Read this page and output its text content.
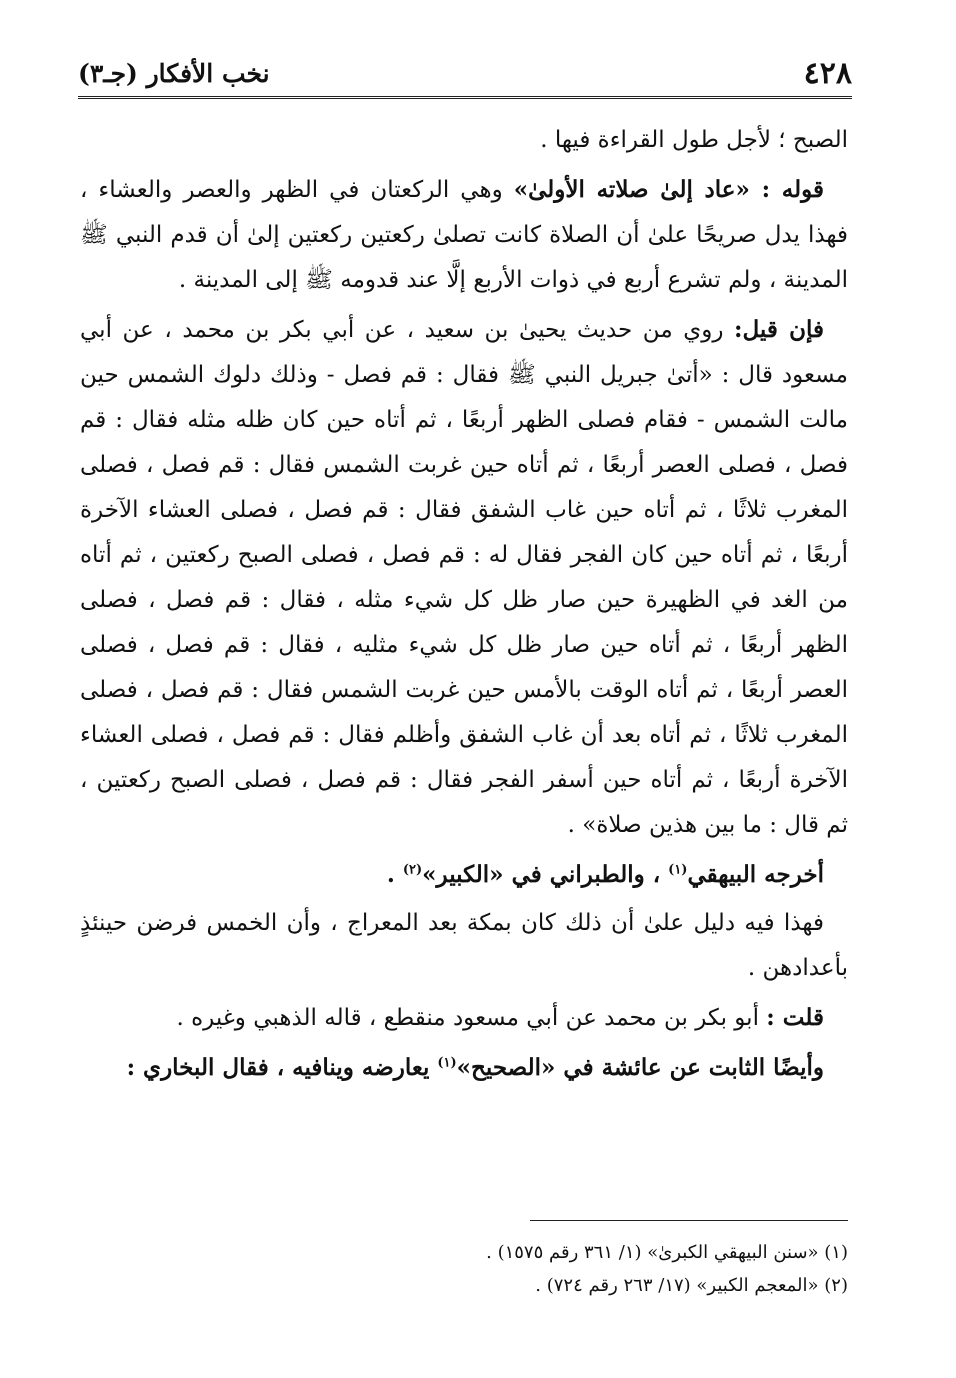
٤٢٨
نخب الأفكار (جـ٣)

الصبح ؛ لأجل طول القراءة فيها .

قوله : «عاد إلىٰ صلاته الأولىٰ» وهي الركعتان في الظهر والعصر والعشاء ، فهذا يدل صريحًا علىٰ أن الصلاة كانت تصلىٰ ركعتين ركعتين إلىٰ أن قدم النبي ﷺ المدينة ، ولم تشرع أربع في ذوات الأربع إلَّا عند قدومه ﷺ إلى المدينة .

فإن قيل: روي من حديث يحيىٰ بن سعيد ، عن أبي بكر بن محمد ، عن أبي مسعود قال : «أتىٰ جبريل النبي ﷺ فقال : قم فصل - وذلك دلوك الشمس حين مالت الشمس - فقام فصلى الظهر أربعًا ، ثم أتاه حين كان ظله مثله فقال : قم فصل ، فصلى العصر أربعًا ، ثم أتاه حين غربت الشمس فقال : قم فصل ، فصلى المغرب ثلاثًا ، ثم أتاه حين غاب الشفق فقال : قم فصل ، فصلى العشاء الآخرة أربعًا ، ثم أتاه حين كان الفجر فقال له : قم فصل ، فصلى الصبح ركعتين ، ثم أتاه من الغد في الظهيرة حين صار ظل كل شيء مثله ، فقال : قم فصل ، فصلى الظهر أربعًا ، ثم أتاه حين صار ظل كل شيء مثليه ، فقال : قم فصل ، فصلى العصر أربعًا ، ثم أتاه الوقت بالأمس حين غربت الشمس فقال : قم فصل ، فصلى المغرب ثلاثًا ، ثم أتاه بعد أن غاب الشفق وأظلم فقال : قم فصل ، فصلى العشاء الآخرة أربعًا ، ثم أتاه حين أسفر الفجر فقال : قم فصل ، فصلى الصبح ركعتين ، ثم قال : ما بين هذين صلاة» .

أخرجه البيهقي$^{(١)}$ ، والطبراني في «الكبير»$^{(٢)}$ .

فهذا فيه دليل علىٰ أن ذلك كان بمكة بعد المعراج ، وأن الخمس فرضن حينئذٍ بأعدادهن .

قلت : أبو بكر بن محمد عن أبي مسعود منقطع ، قاله الذهبي وغيره .

وأيضًا الثابت عن عائشة في «الصحيح»$^{(١)}$ يعارضه وينافيه ، فقال البخاري :

(١) «سنن البيهقي الكبرىٰ» (١/ ٣٦١ رقم ١٥٧٥) .

(٢) «المعجم الكبير» (١٧/ ٢٦٣ رقم ٧٢٤) .
